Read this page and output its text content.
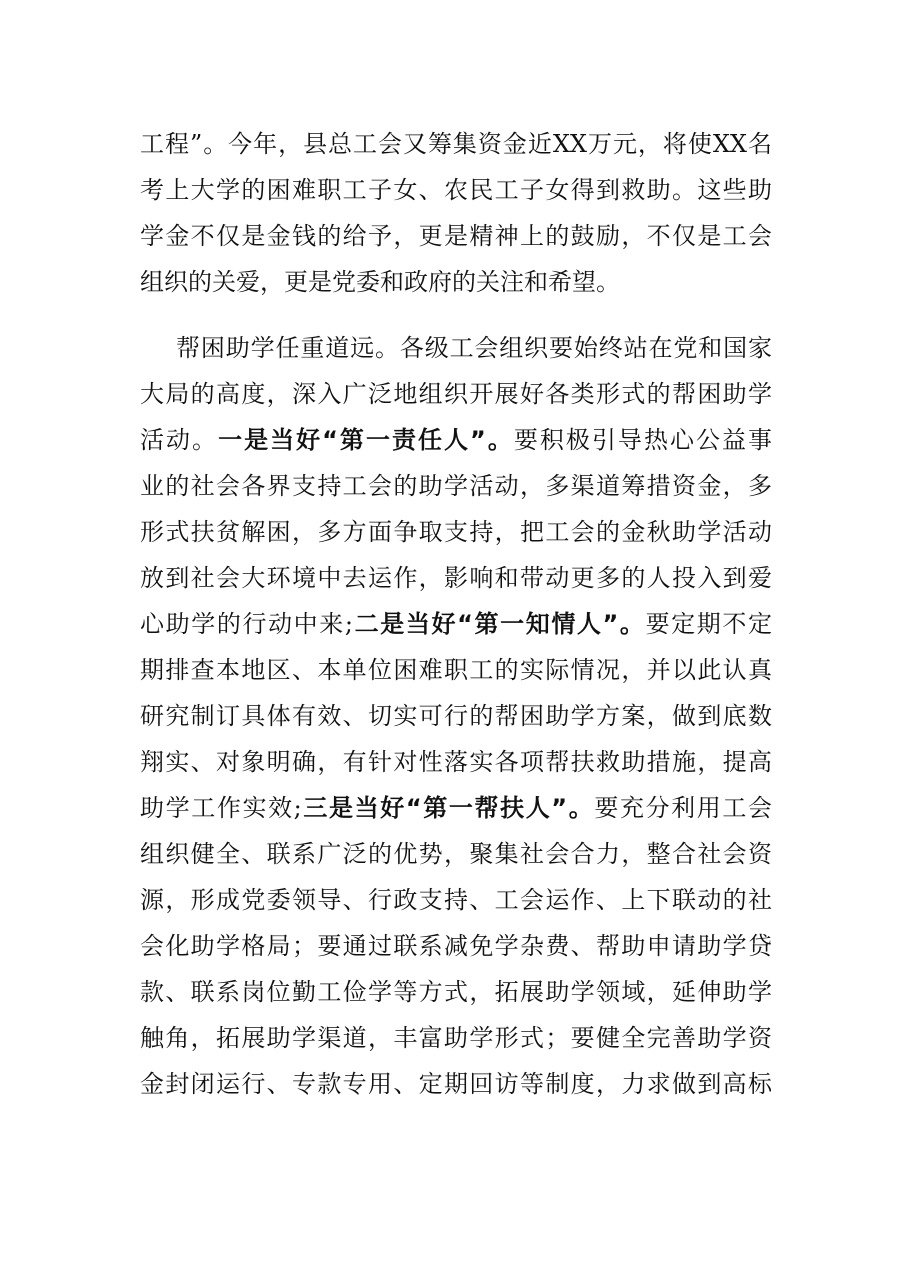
工程”。今年，县总工会又筹集资金近XX万元，将使XX名
考上大学的困难职工子女、农民工子女得到救助。这些助
学金不仅是金钱的给予，更是精神上的鼓励，不仅是工会
组织的关爱，更是党委和政府的关注和希望。
帮困助学任重道远。各级工会组织要始终站在党和国家
大局的高度，深入广泛地组织开展好各类形式的帮困助学
活动。一是当好“第一责任人”。要积极引导热心公益事
业的社会各界支持工会的助学活动，多渠道筹措资金，多
形式扶贫解困，多方面争取支持，把工会的金秋助学活动
放到社会大环境中去运作，影响和带动更多的人投入到爱
心助学的行动中来;二是当好“第一知情人”。要定期不定
期排查本地区、本单位困难职工的实际情况，并以此认真
研究制订具体有效、切实可行的帮困助学方案，做到底数
翔实、对象明确，有针对性落实各项帮扶救助措施，提高
助学工作实效;三是当好“第一帮扶人”。要充分利用工会
组织健全、联系广泛的优势，聚集社会合力，整合社会资
源，形成党委领导、行政支持、工会运作、上下联动的社
会化助学格局；要通过联系减免学杂费、帮助申请助学贷
款、联系岗位勤工俭学等方式，拓展助学领域，延伸助学
触角，拓展助学渠道，丰富助学形式；要健全完善助学资
金封闭运行、专款专用、定期回访等制度，力求做到高标
